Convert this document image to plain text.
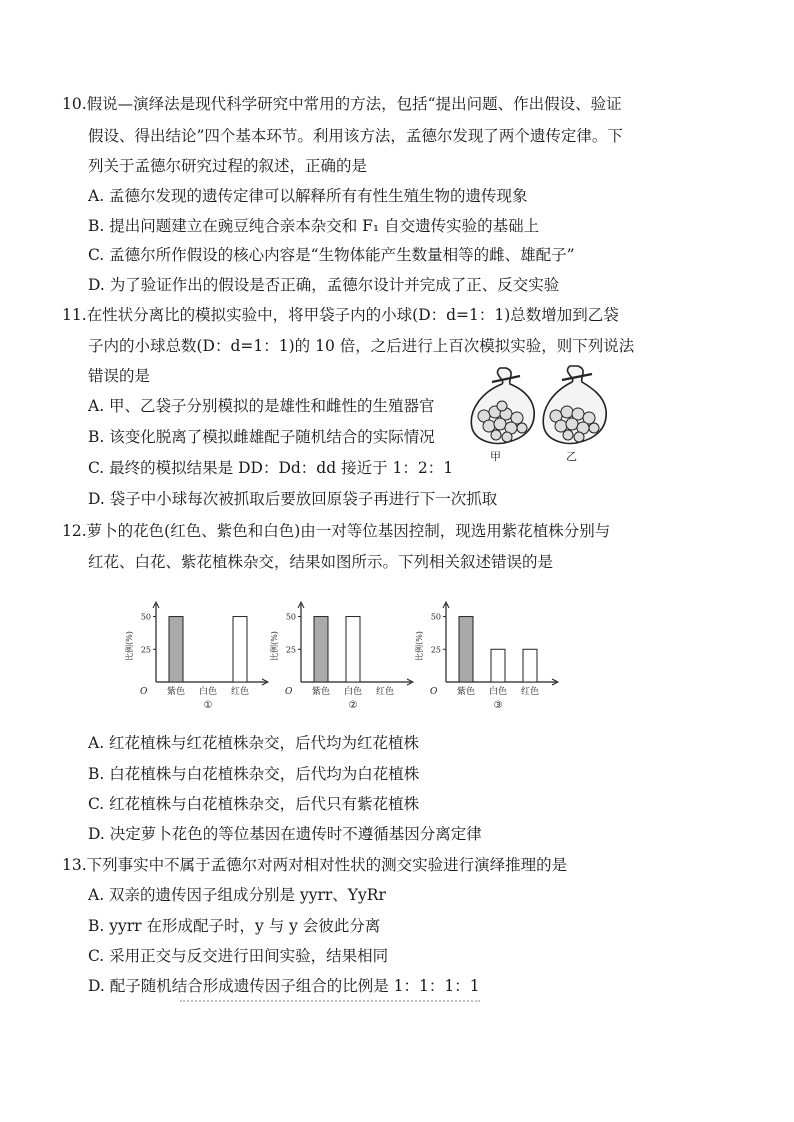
10.假说—演绎法是现代科学研究中常用的方法，包括“提出问题、作出假设、验证
假设、得出结论”四个基本环节。利用该方法，孟德尔发现了两个遗传定律。下
列关于孟德尔研究过程的叙述，正确的是
A. 孟德尔发现的遗传定律可以解释所有有性生殖生物的遗传现象
B. 提出问题建立在豌豆纯合亲本杂交和 F₁ 自交遗传实验的基础上
C. 孟德尔所作假设的核心内容是“生物体能产生数量相等的雌、雄配子”
D. 为了验证作出的假设是否正确，孟德尔设计并完成了正、反交实验
11.在性状分离比的模拟实验中，将甲袋子内的小球(D：d=1：1)总数增加到乙袋
子内的小球总数(D：d=1：1)的 10 倍，之后进行上百次模拟实验，则下列说法
错误的是
A. 甲、乙袋子分别模拟的是雄性和雌性的生殖器官
B. 该变化脱离了模拟雌雄配子随机结合的实际情况
C. 最终的模拟结果是 DD：Dd：dd 接近于 1：2：1
D. 袋子中小球每次被抓取后要放回原袋子再进行下一次抓取
甲	乙
12.萝卜的花色(红色、紫色和白色)由一对等位基因控制，现选用紫花植株分别与
红花、白花、紫花植株杂交，结果如图所示。下列相关叙述错误的是
25
50
比例(%)
O 紫色 白色 红色
①
25
50
比例(%)
O 紫色 白色 红色
②
25
50
比例(%)
O 紫色 白色 红色
③
A. 红花植株与红花植株杂交，后代均为红花植株
B. 白花植株与白花植株杂交，后代均为白花植株
C. 红花植株与白花植株杂交，后代只有紫花植株
D. 决定萝卜花色的等位基因在遗传时不遵循基因分离定律
13.下列事实中不属于孟德尔对两对相对性状的测交实验进行演绎推理的是
A. 双亲的遗传因子组成分别是 yyrr、YyRr
B. yyrr 在形成配子时，y 与 y 会彼此分离
C. 采用正交与反交进行田间实验，结果相同
D. 配子随机结合形成遗传因子组合的比例是 1：1：1：1
